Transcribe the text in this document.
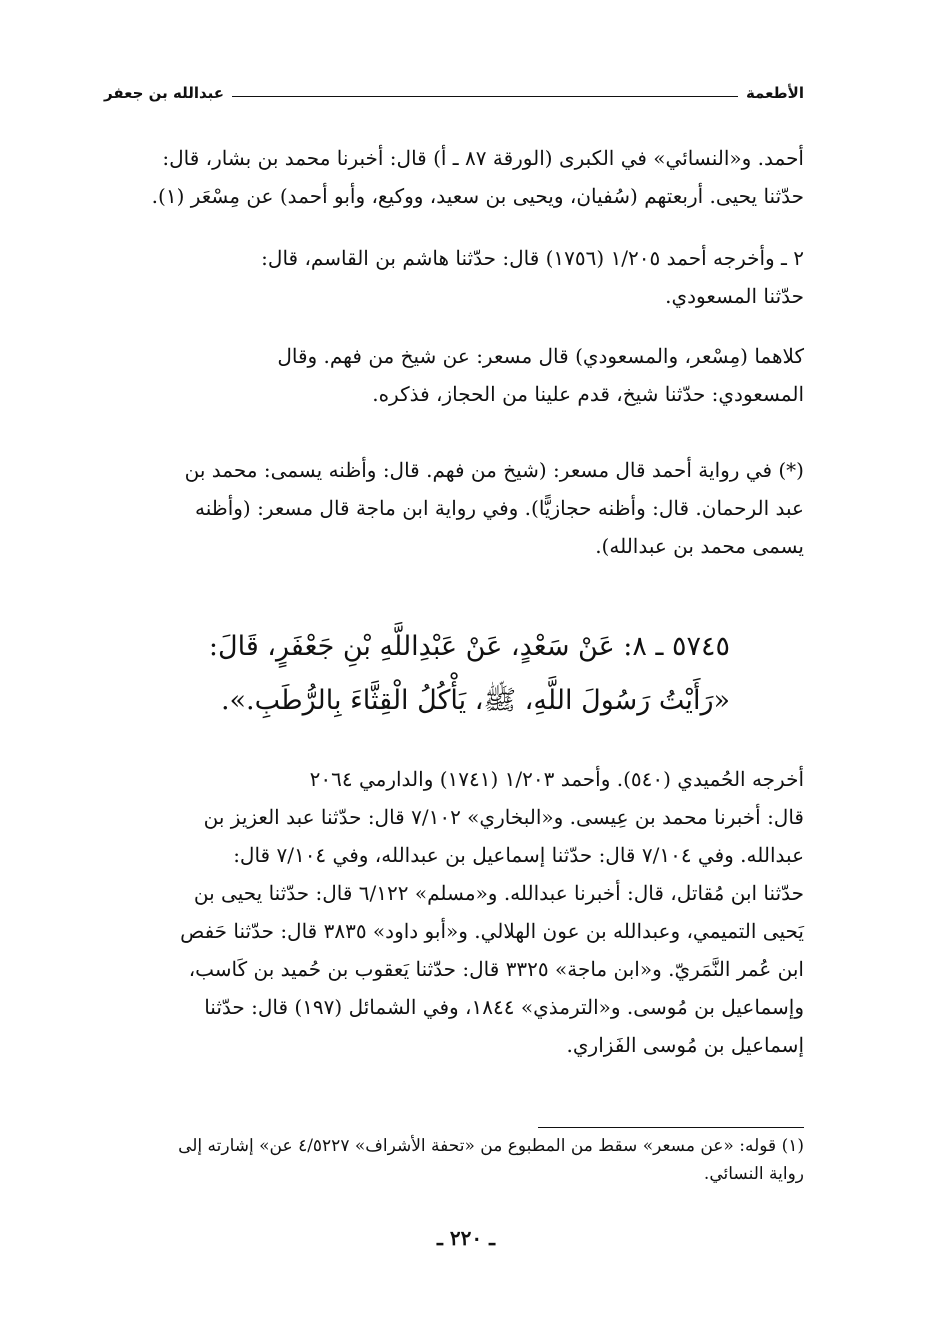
الأطعمة
عبدالله بن جعفر

أحمد. و«النسائي» في الكبرى (الورقة ٨٧ ـ أ) قال: أخبرنا محمد بن بشار، قال:

حدّثنا يحيى. أربعتهم (سُفيان، ويحيى بن سعيد، ووكيع، وأبو أحمد) عن مِسْعَر (١).

٢ ـ وأخرجه أحمد ١/٢٠٥ (١٧٥٦) قال: حدّثنا هاشم بن القاسم، قال:

حدّثنا المسعودي.

كلاهما (مِسْعر، والمسعودي) قال مسعر: عن شيخ من فهم. وقال

المسعودي: حدّثنا شيخ، قدم علينا من الحجاز، فذكره.

(*) في رواية أحمد قال مسعر: (شيخ من فهم. قال: وأظنه يسمى: محمد بن

عبد الرحمان. قال: وأظنه حجازيًّا). وفي رواية ابن ماجة قال مسعر: (وأظنه

يسمى محمد بن عبدالله).

٥٧٤٥ ـ ٨: عَنْ سَعْدٍ، عَنْ عَبْدِاللَّهِ بْنِ جَعْفَرٍ، قَالَ:

«رَأَيْتُ رَسُولَ اللَّهِ، ﷺ، يَأْكُلُ الْقِثَّاءَ بِالرُّطَبِ.».

أخرجه الحُميدي (٥٤٠). وأحمد ١/٢٠٣ (١٧٤١) والدارمي ٢٠٦٤

قال: أخبرنا محمد بن عِيسى. و«البخاري» ٧/١٠٢ قال: حدّثنا عبد العزيز بن

عبدالله. وفي ٧/١٠٤ قال: حدّثنا إسماعيل بن عبدالله، وفي ٧/١٠٤ قال:

حدّثنا ابن مُقاتل، قال: أخبرنا عبدالله. و«مسلم» ٦/١٢٢ قال: حدّثنا يحيى بن

يَحيى التميمي، وعبدالله بن عون الهلالي. و«أبو داود» ٣٨٣٥ قال: حدّثنا حَفص

ابن عُمر النَّمَريّ. و«ابن ماجة» ٣٣٢٥ قال: حدّثنا يَعقوب بن حُميد بن كَاسب،

وإسماعيل بن مُوسى. و«الترمذي» ١٨٤٤، وفي الشمائل (١٩٧) قال: حدّثنا

إسماعيل بن مُوسى الفَزاري.

(١) قوله: «عن مسعر» سقط من المطبوع من «تحفة الأشراف» ٤/٥٢٢٧ عن» إشارته إلى

رواية النسائي.

ـ ٢٢٠ ـ
